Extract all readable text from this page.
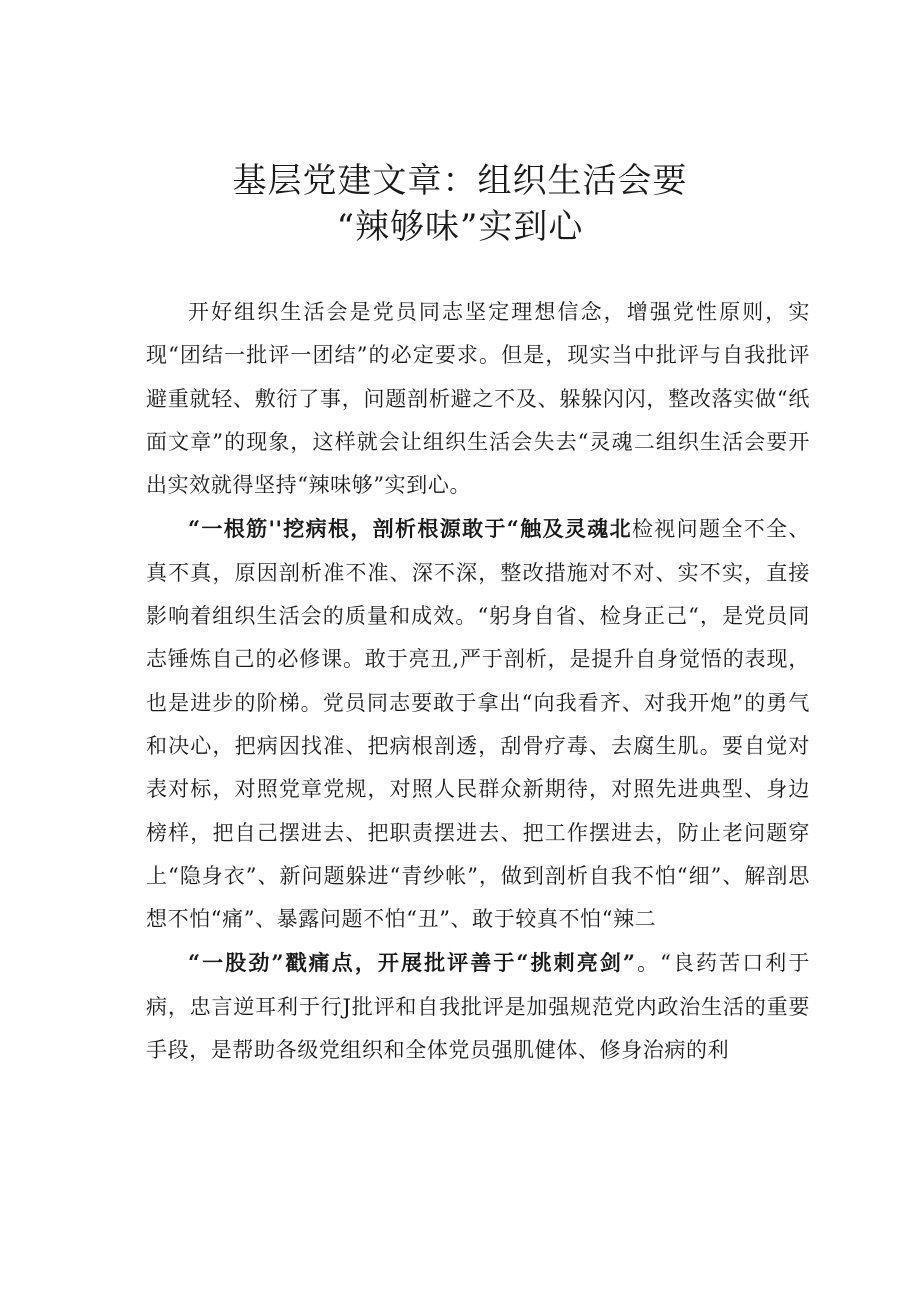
基层党建文章：组织生活会要
“辣够味”实到心

开好组织生活会是党员同志坚定理想信念，增强党性原则，实现“团结一批评一团结”的必定要求。但是，现实当中批评与自我批评避重就轻、敷衍了事，问题剖析避之不及、躲躲闪闪，整改落实做“纸面文章”的现象，这样就会让组织生活会失去“灵魂二组织生活会要开出实效就得坚持“辣味够”实到心。

“一根筋''挖病根，剖析根源敢于“触及灵魂北检视问题全不全、真不真，原因剖析准不准、深不深，整改措施对不对、实不实，直接影响着组织生活会的质量和成效。“躬身自省、检身正己“，是党员同志锤炼自己的必修课。敢于亮丑,严于剖析，是提升自身觉悟的表现，也是进步的阶梯。党员同志要敢于拿出“向我看齐、对我开炮”的勇气和决心，把病因找准、把病根剖透，刮骨疗毒、去腐生肌。要自觉对表对标，对照党章党规，对照人民群众新期待，对照先进典型、身边榜样，把自己摆进去、把职责摆进去、把工作摆进去，防止老问题穿上“隐身衣”、新问题躲进“青纱帐”，做到剖析自我不怕“细”、解剖思想不怕“痛”、暴露问题不怕“丑”、敢于较真不怕“辣二

“一股劲”戳痛点，开展批评善于“挑刺亮剑”。“良药苦口利于病，忠言逆耳利于行J批评和自我批评是加强规范党内政治生活的重要手段，是帮助各级党组织和全体党员强肌健体、修身治病的利
